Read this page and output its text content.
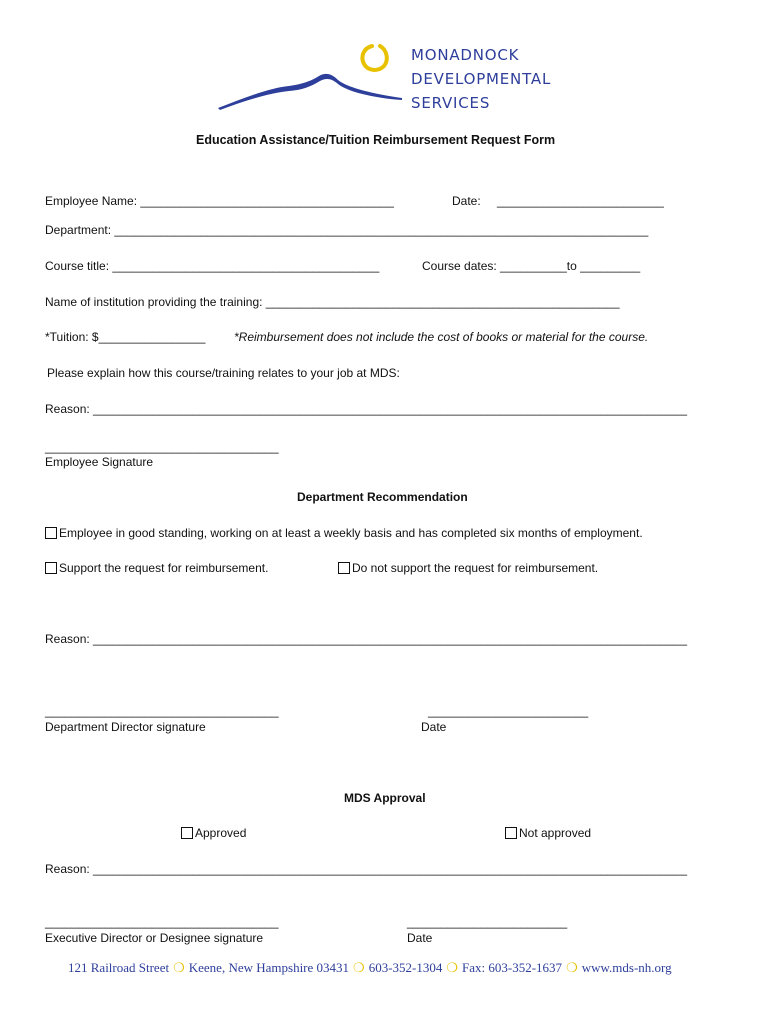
MONADNOCK
DEVELOPMENTAL
SERVICES
Education Assistance/Tuition Reimbursement Request Form
Employee Name: ______________________________________	Date: _________________________
Department: ________________________________________________________________________________
Course title: ________________________________________	Course dates: __________to _________
Name of institution providing the training: _____________________________________________________
*Tuition: $________________ *Reimbursement does not include the cost of books or material for the course.
Please explain how this course/training relates to your job at MDS:
Reason: _________________________________________________________________________________________
___________________________________
Employee Signature
Department Recommendation
Employee in good standing, working on at least a weekly basis and has completed six months of employment.
Support the request for reimbursement.	Do not support the request for reimbursement.
Reason: _________________________________________________________________________________________
___________________________________
Department Director signature
________________________
Date
MDS Approval
Approved	Not approved
Reason: _________________________________________________________________________________________
___________________________________
Executive Director or Designee signature
________________________
Date
121 Railroad Street ❍ Keene, New Hampshire 03431 ❍ 603-352-1304 ❍ Fax: 603-352-1637 ❍ www.mds-nh.org
